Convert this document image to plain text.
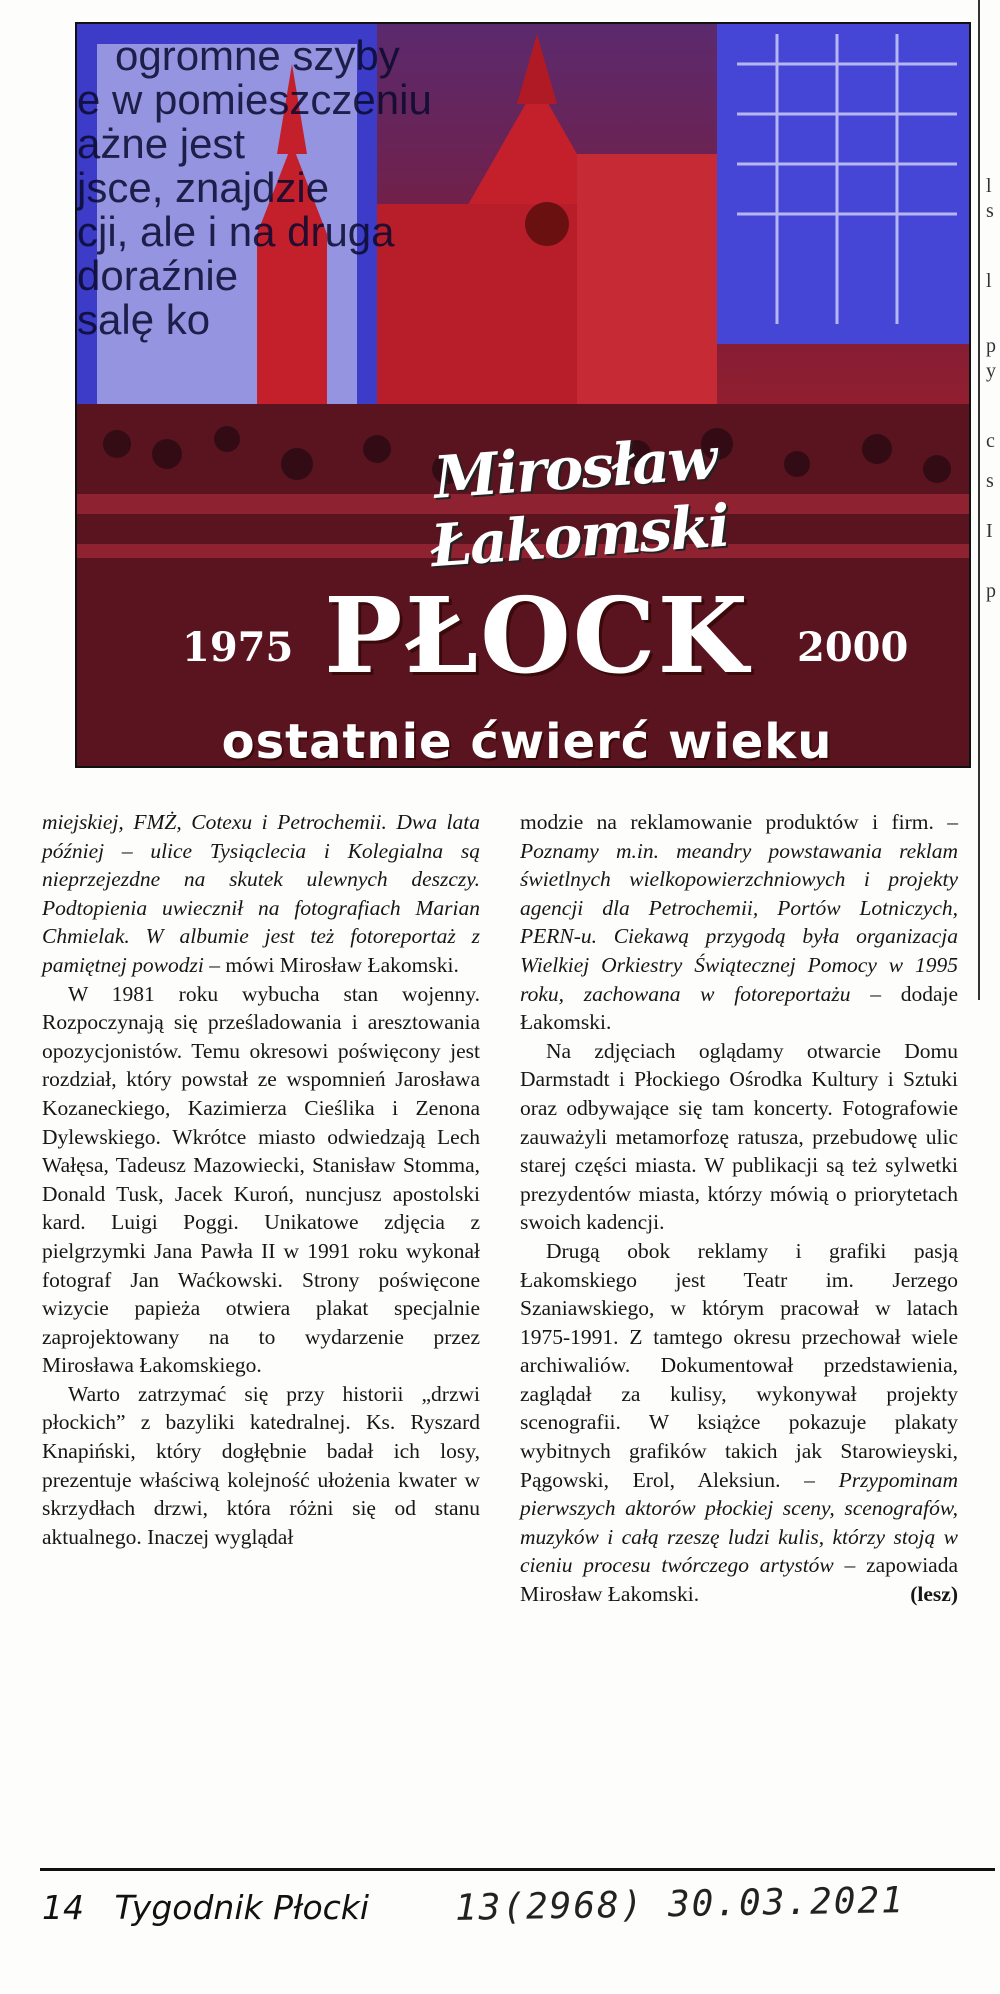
ogromne szyby
e w pomieszczeniu
ażne jest
jsce, znajdzie
cji, ale i na druga
doraźnie
salę ko
Mirosław Łakomski
1975 PŁOCK	2000
ostatnie ćwierć wieku
l
s
l
p
y
c
s
I
p

miejskiej, FMŻ, Cotexu i Petrochemii. Dwa lata później – ulice Tysiąclecia i Kolegialna są nieprzejezdne na skutek ulewnych deszczy. Podtopienia uwiecznił na fotografiach Marian Chmielak. W albumie jest też fotoreportaż z pamiętnej powodzi – mówi Mirosław Łakomski.

W 1981 roku wybucha stan wojenny. Rozpoczynają się prześladowania i aresztowania opozycjonistów. Temu okresowi poświęcony jest rozdział, który powstał ze wspomnień Jarosława Kozaneckiego, Kazimierza Cieślika i Zenona Dylewskiego. Wkrótce miasto odwiedzają Lech Wałęsa, Tadeusz Mazowiecki, Stanisław Stomma, Donald Tusk, Jacek Kuroń, nuncjusz apostolski kard. Luigi Poggi. Unikatowe zdjęcia z pielgrzymki Jana Pawła II w 1991 roku wykonał fotograf Jan Waćkowski. Strony poświęcone wizycie papieża otwiera plakat specjalnie zaprojektowany na to wydarzenie przez Mirosława Łakomskiego.

Warto zatrzymać się przy historii „drzwi płockich” z bazyliki katedralnej. Ks. Ryszard Knapiński, który dogłębnie badał ich losy, prezentuje właściwą kolejność ułożenia kwater w skrzydłach drzwi, która różni się od stanu aktualnego. Inaczej wyglądał

modzie na reklamowanie produktów i firm. – Poznamy m.in. meandry powstawania reklam świetlnych wielkopowierzchniowych i projekty agencji dla Petrochemii, Portów Lotniczych, PERN-u. Ciekawą przygodą była organizacja Wielkiej Orkiestry Świątecznej Pomocy w 1995 roku, zachowana w fotoreportażu – dodaje Łakomski.

Na zdjęciach oglądamy otwarcie Domu Darmstadt i Płockiego Ośrodka Kultury i Sztuki oraz odbywające się tam koncerty. Fotografowie zauważyli metamorfozę ratusza, przebudowę ulic starej części miasta. W publikacji są też sylwetki prezydentów miasta, którzy mówią o priorytetach swoich kadencji.

Drugą obok reklamy i grafiki pasją Łakomskiego jest Teatr im. Jerzego Szaniawskiego, w którym pracował w latach 1975-1991. Z tamtego okresu przechował wiele archiwaliów. Dokumentował przedstawienia, zaglądał za kulisy, wykonywał projekty scenografii. W książce pokazuje plakaty wybitnych grafików takich jak Starowieyski, Pągowski, Erol, Aleksiun. – Przypominam pierwszych aktorów płockiej sceny, scenografów, muzyków i całą rzeszę ludzi kulis, którzy stoją w cieniu procesu twórczego artystów – zapowiada Mirosław Łakomski.	(lesz)

14 Tygodnik Płocki 13(2968) 30.03.2021
